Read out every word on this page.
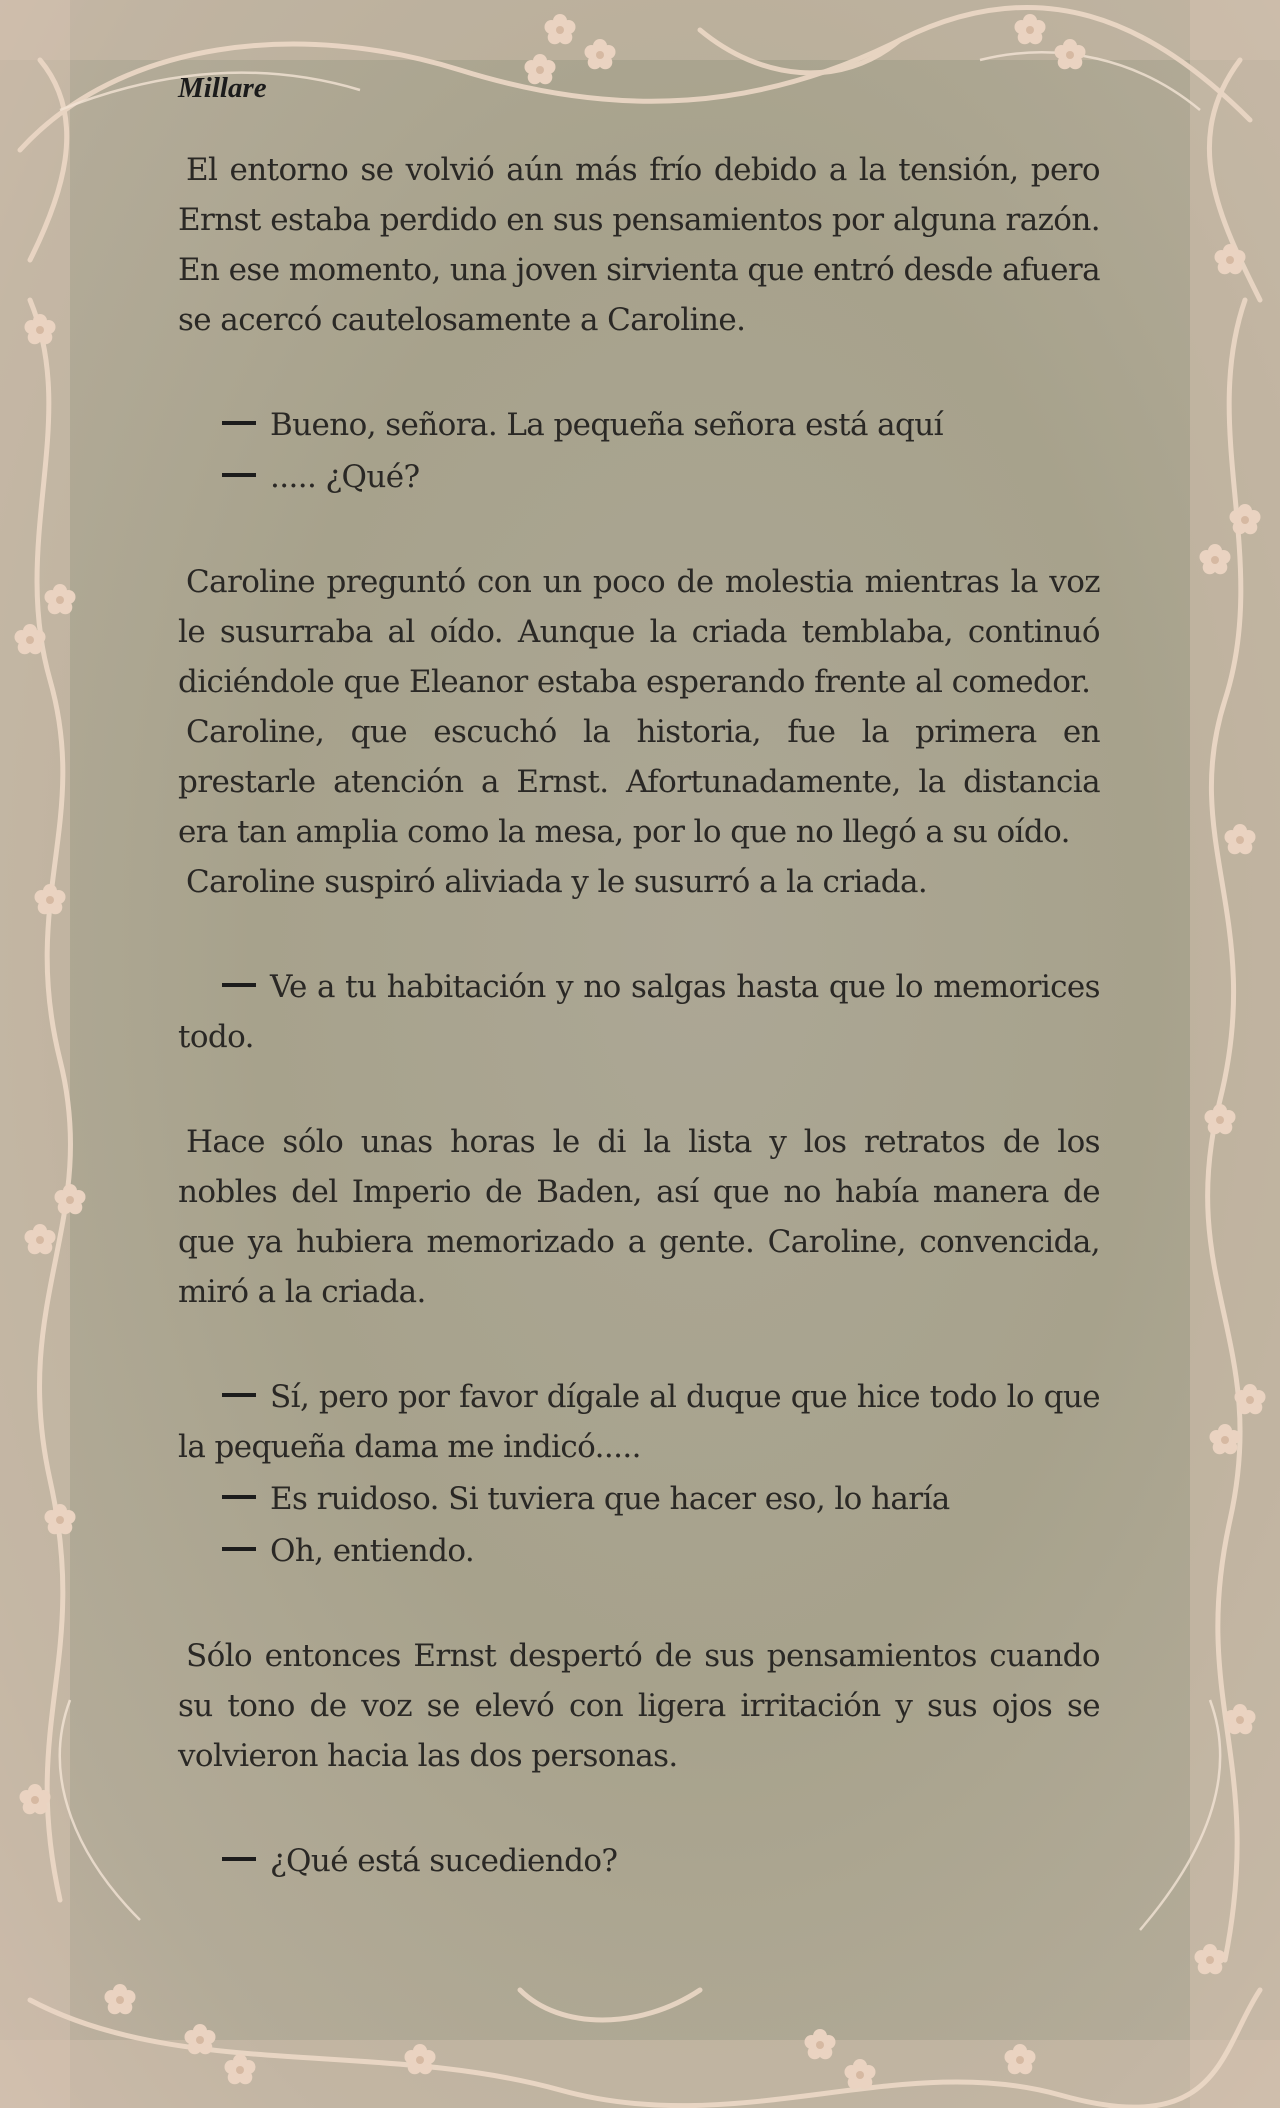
Millare

El entorno se volvió aún más frío debido a la tensión, pero Ernst estaba perdido en sus pensamientos por alguna razón. En ese momento, una joven sirvienta que entró desde afuera se acercó cautelosamente a Caroline.

Bueno, señora. La pequeña señora está aquí

..... ¿Qué?

Caroline preguntó con un poco de molestia mientras la voz le susurraba al oído. Aunque la criada temblaba, continuó diciéndole que Eleanor estaba esperando frente al comedor.

Caroline, que escuchó la historia, fue la primera en prestarle atención a Ernst. Afortunadamente, la distancia era tan amplia como la mesa, por lo que no llegó a su oído.

Caroline suspiró aliviada y le susurró a la criada.

Ve a tu habitación y no salgas hasta que lo memorices todo.

Hace sólo unas horas le di la lista y los retratos de los nobles del Imperio de Baden, así que no había manera de que ya hubiera memorizado a gente. Caroline, convencida, miró a la criada.

Sí, pero por favor dígale al duque que hice todo lo que la pequeña dama me indicó.....

Es ruidoso. Si tuviera que hacer eso, lo haría

Oh, entiendo.

Sólo entonces Ernst despertó de sus pensamientos cuando su tono de voz se elevó con ligera irritación y sus ojos se volvieron hacia las dos personas.

¿Qué está sucediendo?
